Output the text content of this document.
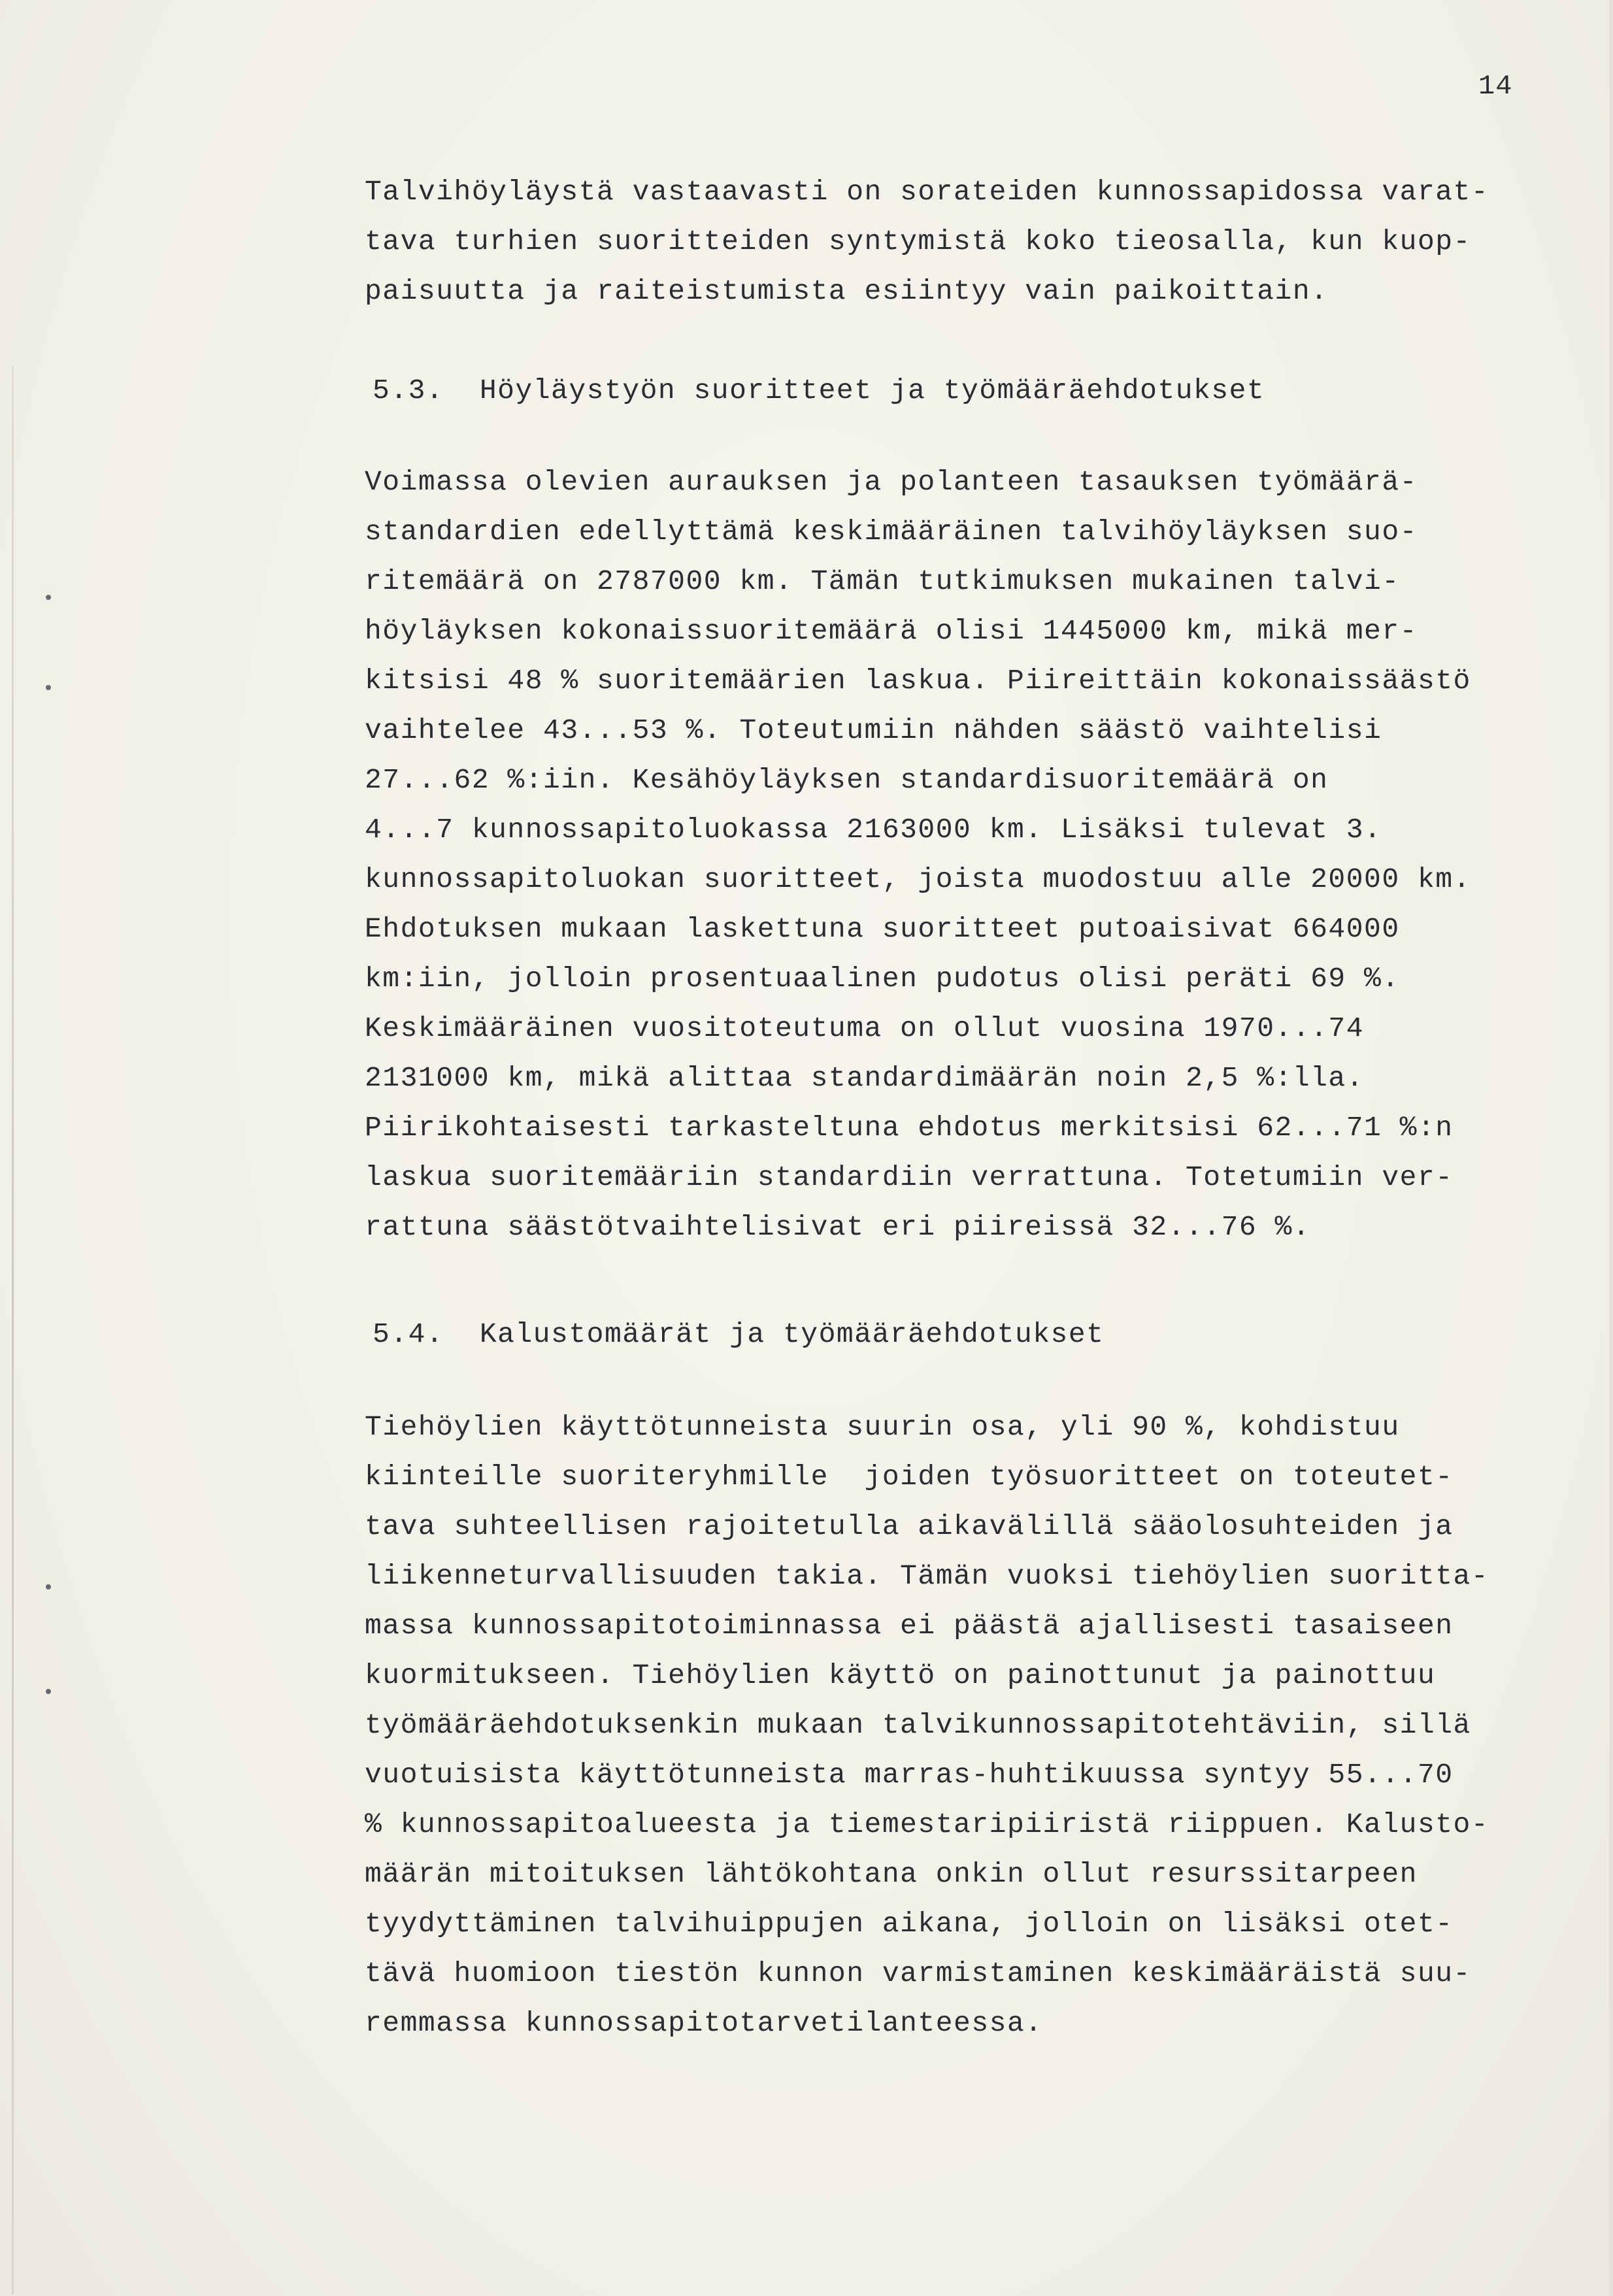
14
Talvihöyläystä vastaavasti on sorateiden kunnossapidossa varat-
tava turhien suoritteiden syntymistä koko tieosalla, kun kuop-
paisuutta ja raiteistumista esiintyy vain paikoittain.
5.3.  Höyläystyön suoritteet ja työmääräehdotukset
Voimassa olevien aurauksen ja polanteen tasauksen työmäärä-
standardien edellyttämä keskimääräinen talvihöyläyksen suo-
ritemäärä on 2787000 km. Tämän tutkimuksen mukainen talvi-
höyläyksen kokonaissuoritemäärä olisi 1445000 km, mikä mer-
kitsisi 48 % suoritemäärien laskua. Piireittäin kokonaissäästö
vaihtelee 43...53 %. Toteutumiin nähden säästö vaihtelisi
27...62 %:iin. Kesähöyläyksen standardisuoritemäärä on
4...7 kunnossapitoluokassa 2163000 km. Lisäksi tulevat 3.
kunnossapitoluokan suoritteet, joista muodostuu alle 20000 km.
Ehdotuksen mukaan laskettuna suoritteet putoaisivat 664000
km:iin, jolloin prosentuaalinen pudotus olisi peräti 69 %.
Keskimääräinen vuositoteutuma on ollut vuosina 1970...74
2131000 km, mikä alittaa standardimäärän noin 2,5 %:lla.
Piirikohtaisesti tarkasteltuna ehdotus merkitsisi 62...71 %:n
laskua suoritemääriin standardiin verrattuna. Totetumiin ver-
rattuna säästötvaihtelisivat eri piireissä 32...76 %.
5.4.  Kalustomäärät ja työmääräehdotukset
Tiehöylien käyttötunneista suurin osa, yli 90 %, kohdistuu
kiinteille suoriteryhmille  joiden työsuoritteet on toteutet-
tava suhteellisen rajoitetulla aikavälillä sääolosuhteiden ja
liikenneturvallisuuden takia. Tämän vuoksi tiehöylien suoritta-
massa kunnossapitotoiminnassa ei päästä ajallisesti tasaiseen
kuormitukseen. Tiehöylien käyttö on painottunut ja painottuu
työmääräehdotuksenkin mukaan talvikunnossapitotehtäviin, sillä
vuotuisista käyttötunneista marras-huhtikuussa syntyy 55...70
% kunnossapitoalueesta ja tiemestaripiiristä riippuen. Kalusto-
määrän mitoituksen lähtökohtana onkin ollut resurssitarpeen
tyydyttäminen talvihuippujen aikana, jolloin on lisäksi otet-
tävä huomioon tiestön kunnon varmistaminen keskimääräistä suu-
remmassa kunnossapitotarvetilanteessa.
